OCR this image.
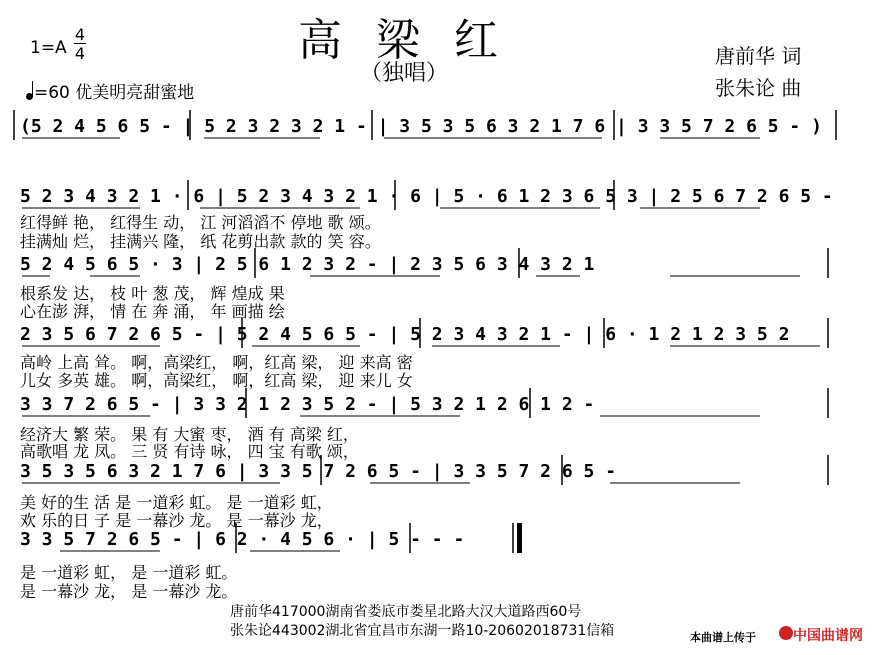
高 梁 红
（独唱）
1=A
4
4
=60 优美明亮甜蜜地
唐前华 词
张朱论 曲
(5 2 4 5 6 5 - | 5 2 3 2 3 2 1 - | 3 5 3 5 6 3 2 1 7 6 | 3 3 5 7 2 6 5 - )
5 2 3 4 3 2 1 · 6 | 5 2 3 4 3 2 1 · 6 | 5 · 6 1 2 3 6 5 3 | 2 5 6 7 2 6 5 -
红得鲜 艳， 红得生 动， 江 河滔滔不 停地 歌 颂。
挂满灿 烂， 挂满兴 隆， 纸 花剪出款 款的 笑 容。
5 2 4 5 6 5 · 3 | 2 5 6 1 2 3 2 - | 2 3 5 6 3 4 3 2 1
根系发 达， 枝 叶 葱 茂， 辉 煌成 果
心在澎 湃， 情 在 奔 涌， 年 画描 绘
2 3 5 6 7 2 6 5 - | 5 2 4 5 6 5 - | 5 2 3 4 3 2 1 - | 6 · 1 2 1 2 3 5 2
高岭 上高 耸。 啊，高梁红， 啊，红高 梁， 迎 来高 密
儿女 多英 雄。 啊，高梁红， 啊，红高 梁， 迎 来儿 女
3 3 7 2 6 5 - | 3 3 2 1 2 3 5 2 - | 5 3 2 1 2 6 1 2 -
经济大 繁 荣。 果 有 大蜜 枣， 酒 有 高梁 红，
高歌唱 龙 凤。 三 贤 有诗 咏， 四 宝 有歌 颂，
3 5 3 5 6 3 2 1 7 6 | 3 3 5 7 2 6 5 - | 3 3 5 7 2 6 5 -
美 好的生 活 是 一道彩 虹。 是 一道彩 虹，
欢 乐的日 子 是 一幕沙 龙。 是 一幕沙 龙，
3 3 5 7 2 6 5 - | 6 2 · 4 5 6 · | 5 - - -
是 一道彩 虹， 是 一道彩 虹。
是 一幕沙 龙， 是 一幕沙 龙。
唐前华417000湖南省娄底市娄星北路大汉大道路西60号
张朱论443002湖北省宜昌市东湖一路10-20602018731信箱	本曲谱上传于	中国曲谱网
